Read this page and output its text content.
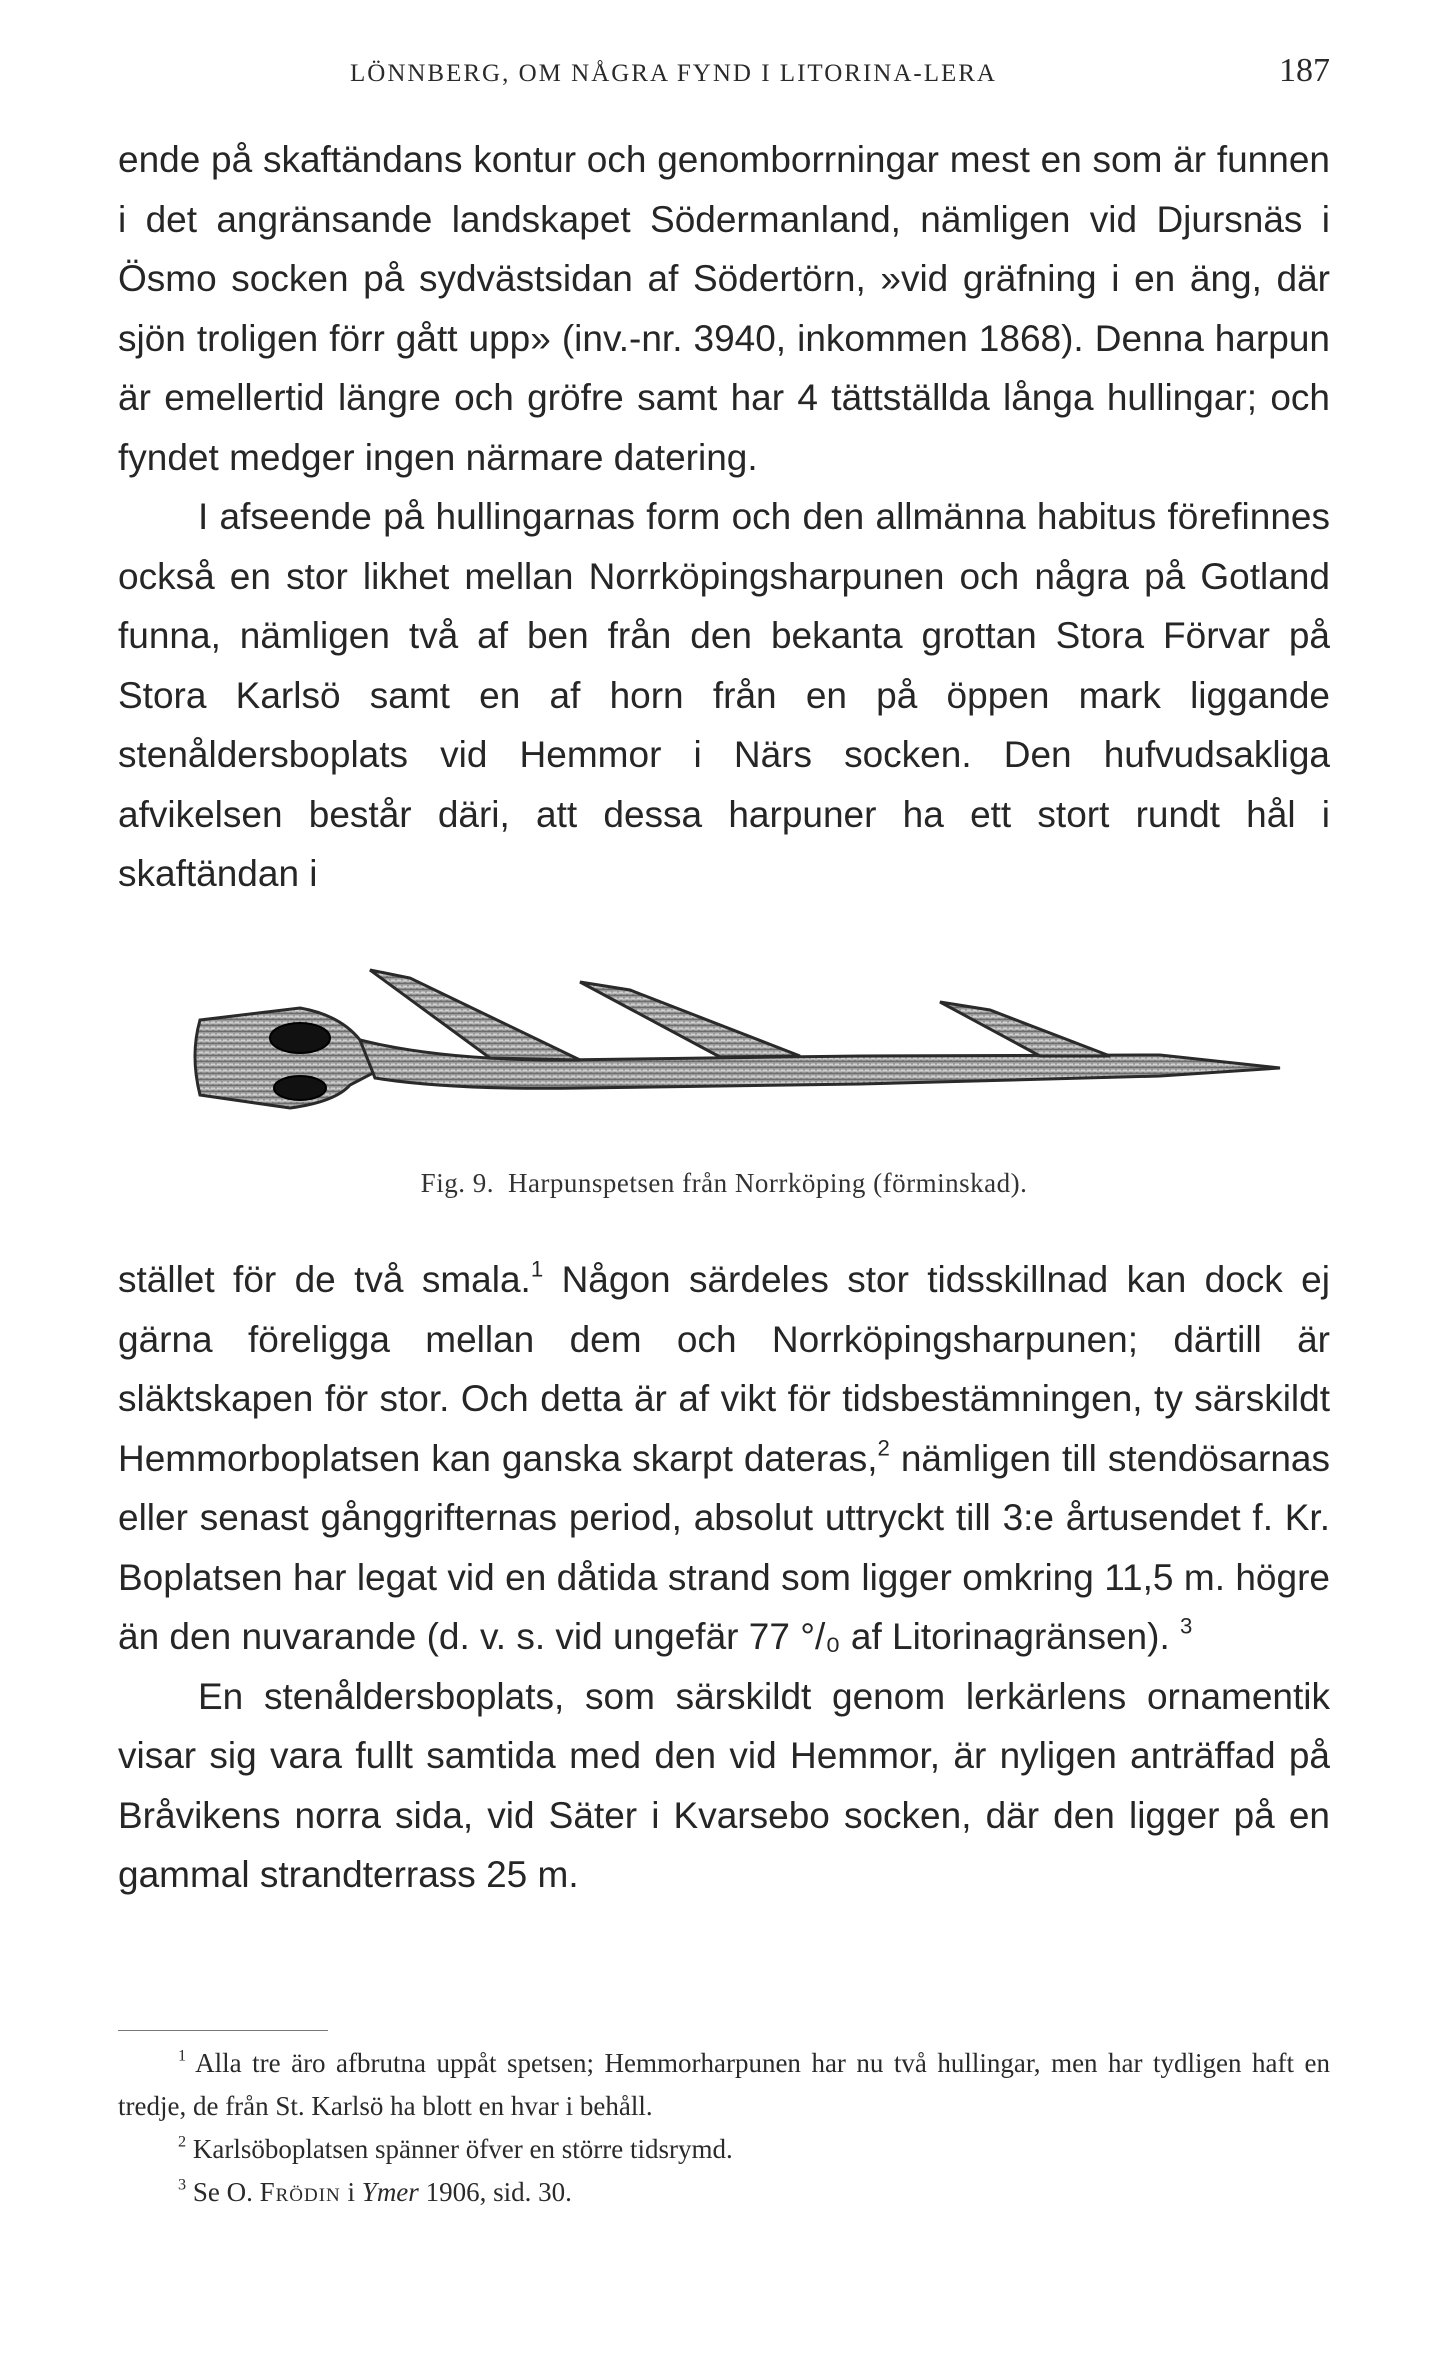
LÖNNBERG, OM NÅGRA FYND I LITORINA-LERA	187

ende på skaftändans kontur och genomborrningar mest en som är funnen i det angränsande landskapet Södermanland, nämligen vid Djursnäs i Ösmo socken på sydvästsidan af Södertörn, »vid gräfning i en äng, där sjön troligen förr gått upp» (inv.-nr. 3940, inkommen 1868). Denna harpun är emellertid längre och gröfre samt har 4 tättställda långa hullingar; och fyndet medger ingen närmare datering.

I afseende på hullingarnas form och den allmänna habitus förefinnes också en stor likhet mellan Norrköpingsharpunen och några på Gotland funna, nämligen två af ben från den bekanta grottan Stora Förvar på Stora Karlsö samt en af horn från en på öppen mark liggande stenåldersboplats vid Hemmor i Närs socken. Den hufvudsakliga afvikelsen består däri, att dessa harpuner ha ett stort rundt hål i skaftändan i

Fig. 9. Harpunspetsen från Norrköping (förminskad).

stället för de två smala.$^1$ Någon särdeles stor tidsskillnad kan dock ej gärna föreligga mellan dem och Norrköpingsharpunen; därtill är släktskapen för stor. Och detta är af vikt för tidsbestämningen, ty särskildt Hemmorboplatsen kan ganska skarpt dateras,$^2$ nämligen till stendösarnas eller senast gånggrifternas period, absolut uttryckt till 3:e årtusendet f. Kr. Boplatsen har legat vid en dåtida strand som ligger omkring 11,5 m. högre än den nuvarande (d. v. s. vid ungefär 77 °/₀ af Litorinagränsen). $^3$

En stenåldersboplats, som särskildt genom lerkärlens ornamentik visar sig vara fullt samtida med den vid Hemmor, är nyligen anträffad på Bråvikens norra sida, vid Säter i Kvarsebo socken, där den ligger på en gammal strandterrass 25 m.

$^1$ Alla tre äro afbrutna uppåt spetsen; Hemmorharpunen har nu två hullingar, men har tydligen haft en tredje, de från St. Karlsö ha blott en hvar i behåll.

$^2$ Karlsöboplatsen spänner öfver en större tidsrymd.

$^3$ Se O. Frödin i Ymer 1906, sid. 30.
